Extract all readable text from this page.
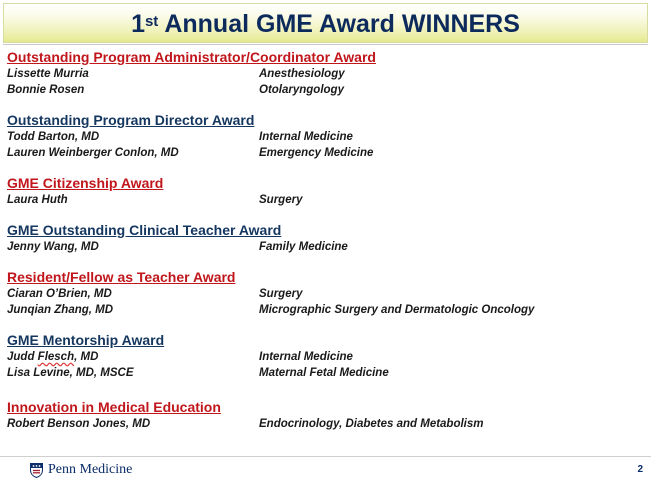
1st Annual GME Award WINNERS
Outstanding Program Administrator/Coordinator Award
Lissette Murria	Anesthesiology
Bonnie Rosen	Otolaryngology
Outstanding Program Director Award
Todd Barton, MD	Internal Medicine
Lauren Weinberger Conlon, MD	Emergency Medicine
GME Citizenship Award
Laura Huth	Surgery
GME Outstanding Clinical Teacher Award
Jenny Wang, MD	Family Medicine
Resident/Fellow as Teacher Award
Ciaran O’Brien, MD	Surgery
Junqian Zhang, MD	Micrographic Surgery and Dermatologic Oncology
GME Mentorship Award
Judd Flesch, MD	Internal Medicine
Lisa Levine, MD, MSCE	Maternal Fetal Medicine
Innovation in Medical Education
Robert Benson Jones, MD	Endocrinology, Diabetes and Metabolism
Penn Medicine	2
